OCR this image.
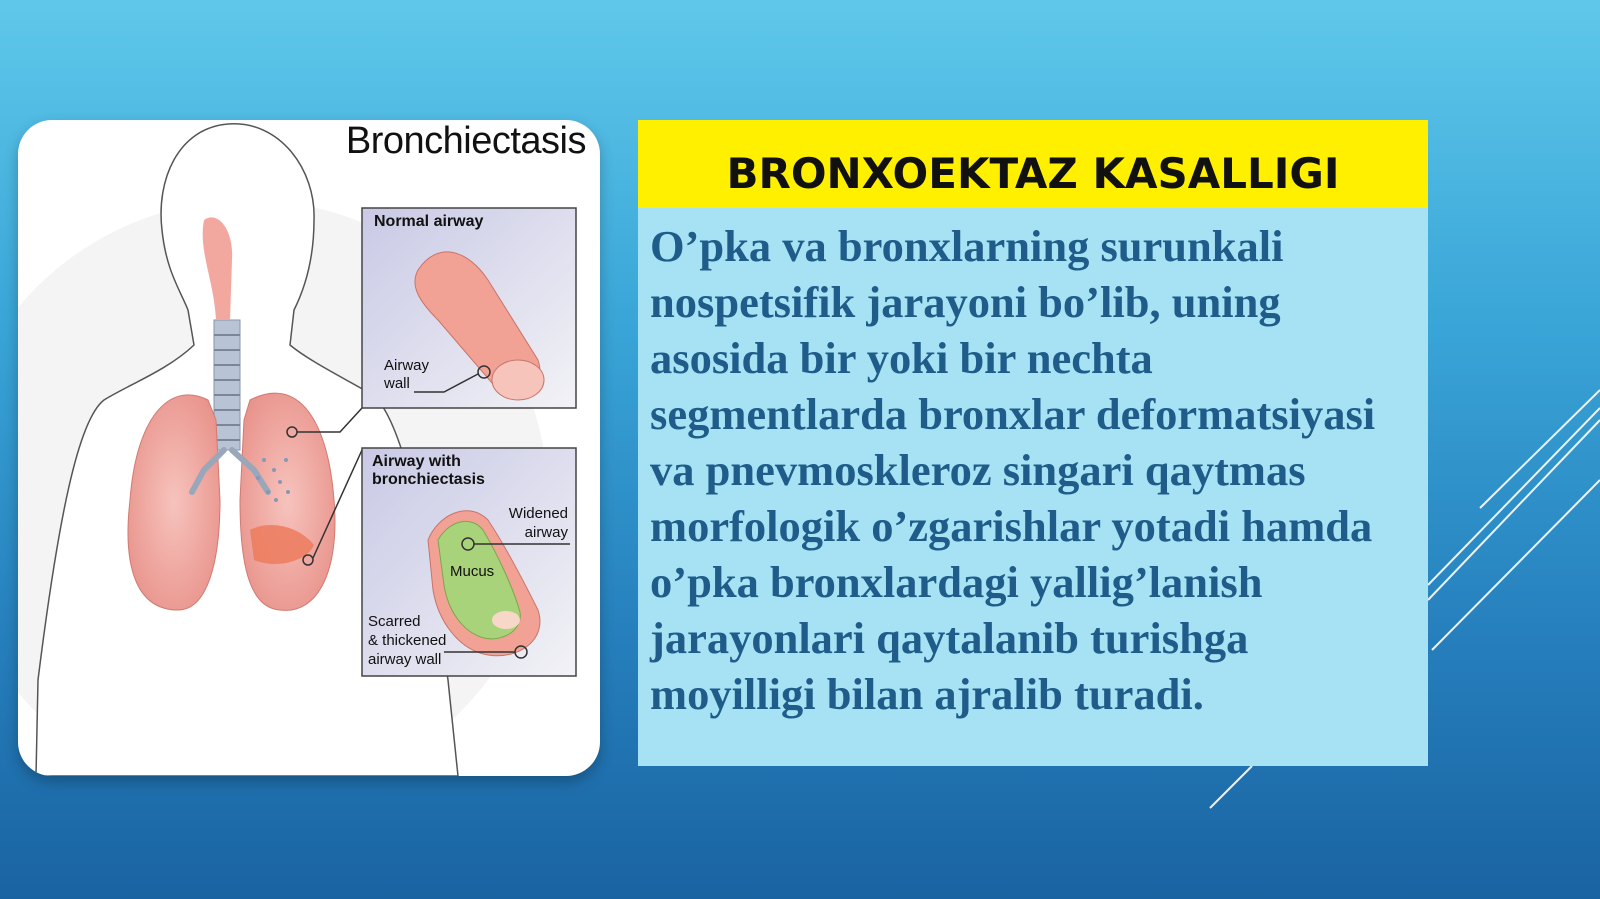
Bronchiectasis
Normal airway
Airway
wall
Airway with
bronchiectasis
Widened
airway
Mucus
Scarred
& thickened
airway wall
BRONXOEKTAZ KASALLIGI
O’pka va bronxlarning surunkali
nospetsifik jarayoni bo’lib, uning
asosida bir yoki bir nechta
segmentlarda bronxlar deformatsiyasi
va pnevmoskleroz singari qaytmas
morfologik o’zgarishlar yotadi hamda
o’pka bronxlardagi yallig’lanish
jarayonlari qaytalanib turishga
moyilligi bilan ajralib turadi.
